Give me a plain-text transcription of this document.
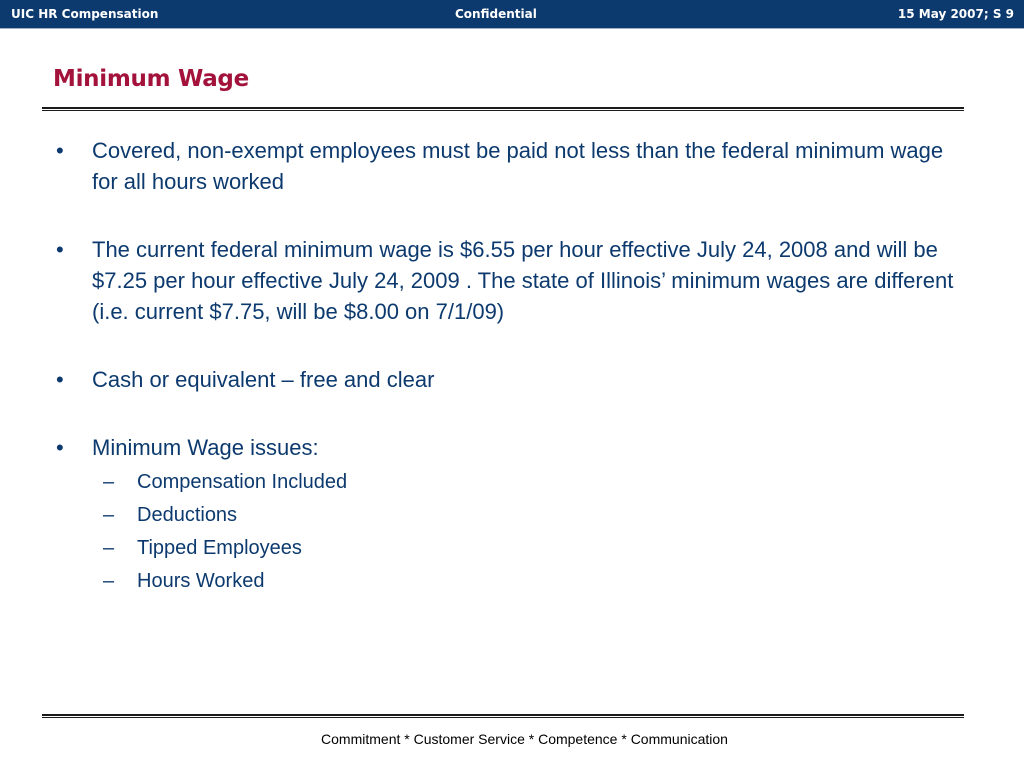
UIC HR Compensation	Confidential	15 May 2007; S 9
Minimum Wage
• Covered, non-exempt employees must be paid not less than the federal minimum wage for all hours worked
• The current federal minimum wage is $6.55 per hour effective July 24, 2008 and will be $7.25 per hour effective July 24, 2009 . The state of Illinois’ minimum wages are different (i.e. current $7.75, will be $8.00 on 7/1/09)
• Cash or equivalent – free and clear
• Minimum Wage issues:
– Compensation Included
– Deductions
– Tipped Employees
– Hours Worked
Commitment * Customer Service * Competence * Communication
